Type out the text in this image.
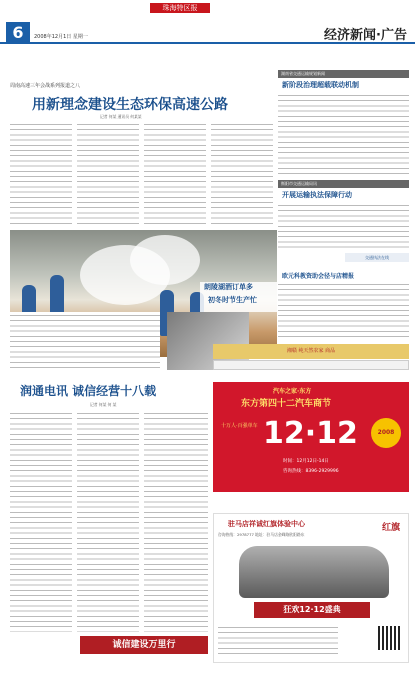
珠海特区报
6	2008年12月1日 星期一	经济新闻·广告
周南高速三年会战系列报道之八
用新理念建设生态环保高速公路
记者 何某 通讯员 何某某
朗陵湖酒订单多
初冬时节生产忙
湖南省交通运输规划新闻
新阶段治理超载联动机制
衡阳市交通运输局讯
开展运输执法保障行动
交通执法在线
欧元科教资助会径与店精报
湘赣 纯天然农家 商品
润通电讯 诚信经营十八载
记者 何某 何 某
诚信建设万里行
汽车之家·东方
东方第四十二汽车商节
12·12
十万人·百强单车
2008
时间：12月12日-14日
咨询热线：8396-2929996
驻马店祥诚红旗体验中心
咨询热线：2978777 地址：驻马店金峰路欧阳路东
红旗
狂欢12·12盛典
